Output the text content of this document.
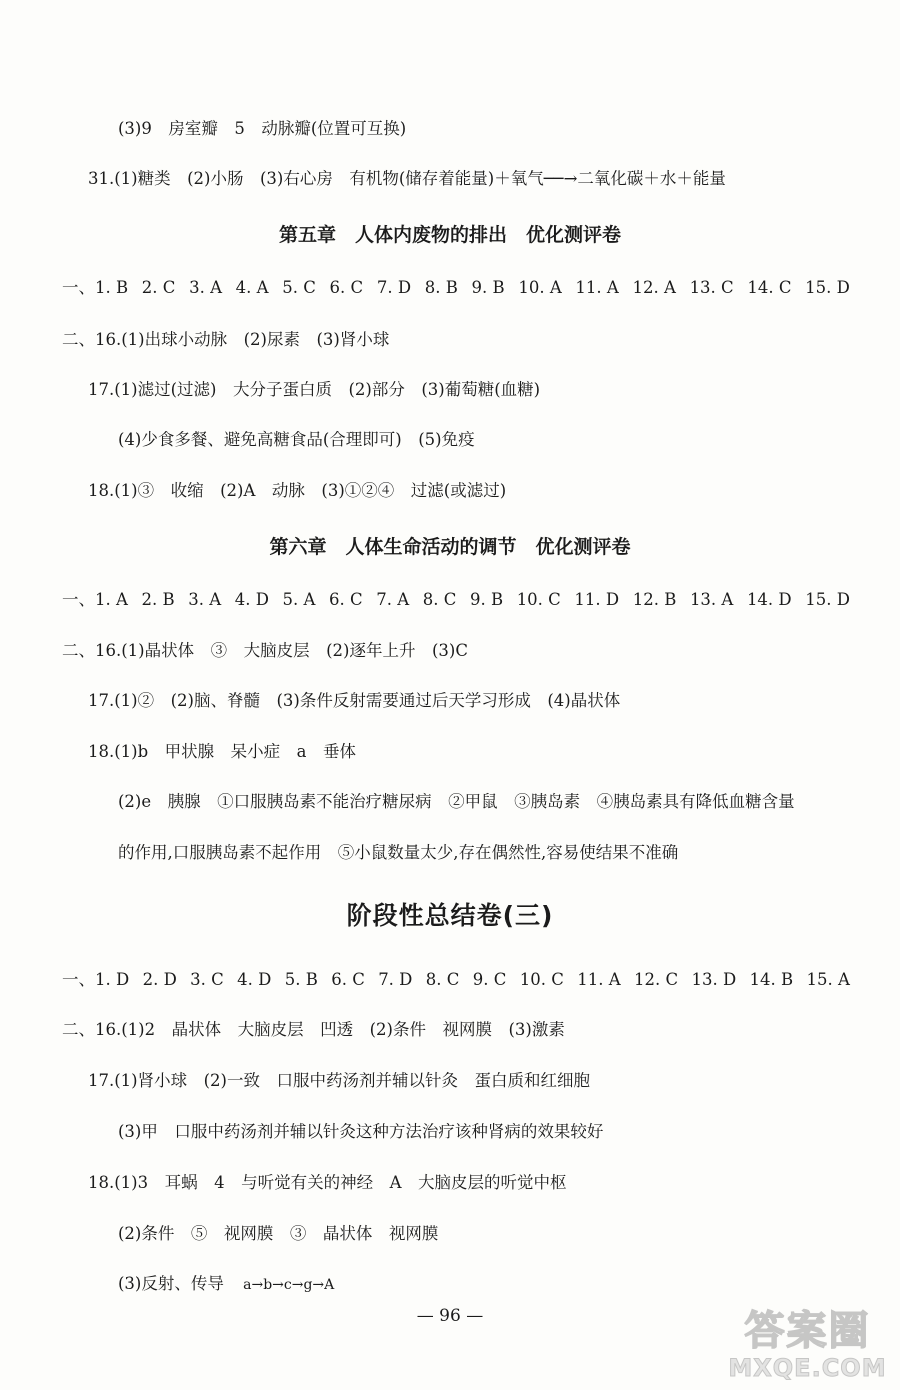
(3)9　房室瓣　5　动脉瓣(位置可互换)
31.(1)糖类　(2)小肠　(3)右心房　有机物(储存着能量)＋氧气──→二氧化碳＋水＋能量
第五章　人体内废物的排出　优化测评卷
一、1. B 2. C 3. A 4. A 5. C 6. C 7. D 8. B 9. B 10. A 11. A 12. A 13. C 14. C 15. D
二、16.(1)出球小动脉　(2)尿素　(3)肾小球
17.(1)滤过(过滤)　大分子蛋白质　(2)部分　(3)葡萄糖(血糖)
(4)少食多餐、避免高糖食品(合理即可)　(5)免疫
18.(1)③　收缩　(2)A　动脉　(3)①②④　过滤(或滤过)
第六章　人体生命活动的调节　优化测评卷
一、1. A 2. B 3. A 4. D 5. A 6. C 7. A 8. C 9. B 10. C 11. D 12. B 13. A 14. D 15. D
二、16.(1)晶状体　③　大脑皮层　(2)逐年上升　(3)C
17.(1)②　(2)脑、脊髓　(3)条件反射需要通过后天学习形成　(4)晶状体
18.(1)b　甲状腺　呆小症　a　垂体
(2)e　胰腺　①口服胰岛素不能治疗糖尿病　②甲鼠　③胰岛素　④胰岛素具有降低血糖含量
的作用,口服胰岛素不起作用　⑤小鼠数量太少,存在偶然性,容易使结果不准确
阶段性总结卷(三)
一、1. D 2. D 3. C 4. D 5. B 6. C 7. D 8. C 9. C 10. C 11. A 12. C 13. D 14. B 15. A
二、16.(1)2　晶状体　大脑皮层　凹透　(2)条件　视网膜　(3)激素
17.(1)肾小球　(2)一致　口服中药汤剂并辅以针灸　蛋白质和红细胞
(3)甲　口服中药汤剂并辅以针灸这种方法治疗该种肾病的效果较好
18.(1)3　耳蜗　4　与听觉有关的神经　A　大脑皮层的听觉中枢
(2)条件　⑤　视网膜　③　晶状体　视网膜
(3)反射、传导 a→b→c→g→A
— 96 —	答案圈
MXQE.COM
